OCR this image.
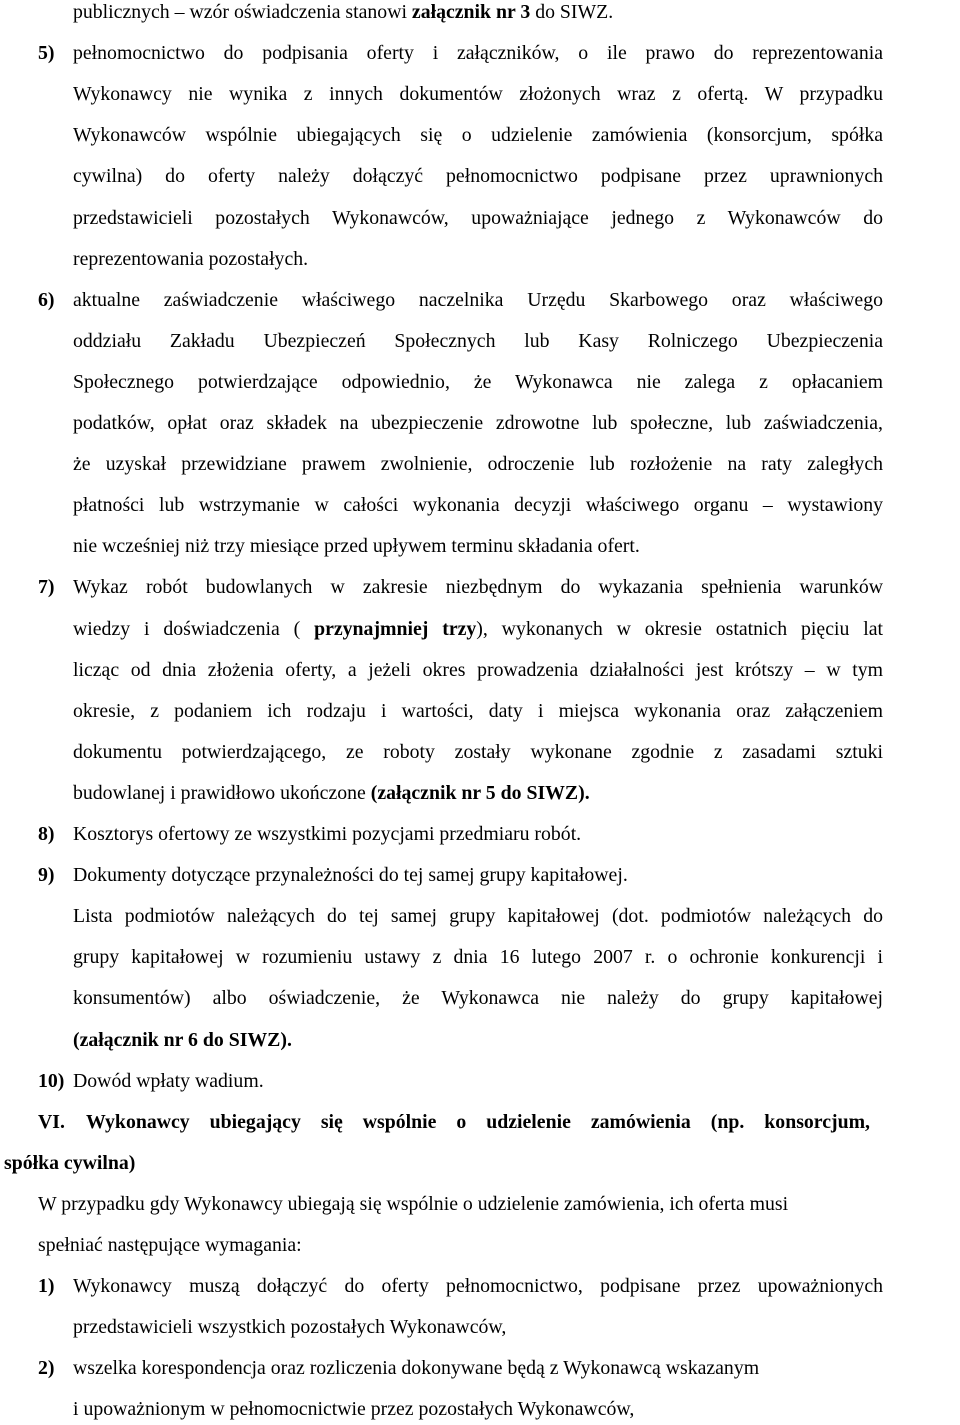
publicznych – wzór oświadczenia stanowi załącznik nr 3 do SIWZ.
5) pełnomocnictwo do podpisania oferty i załączników, o ile prawo do reprezentowania
Wykonawcy nie wynika z innych dokumentów złożonych wraz z ofertą. W przypadku
Wykonawców wspólnie ubiegających się o udzielenie zamówienia (konsorcjum, spółka
cywilna) do oferty należy dołączyć pełnomocnictwo podpisane przez uprawnionych
przedstawicieli pozostałych Wykonawców, upoważniające jednego z Wykonawców do
reprezentowania pozostałych.
6) aktualne zaświadczenie właściwego naczelnika Urzędu Skarbowego oraz właściwego
oddziału Zakładu Ubezpieczeń Społecznych lub Kasy Rolniczego Ubezpieczenia
Społecznego potwierdzające odpowiednio, że Wykonawca nie zalega z opłacaniem
podatków, opłat oraz składek na ubezpieczenie zdrowotne lub społeczne, lub zaświadczenia,
że uzyskał przewidziane prawem zwolnienie, odroczenie lub rozłożenie na raty zaległych
płatności lub wstrzymanie w całości wykonania decyzji właściwego organu – wystawiony
nie wcześniej niż trzy miesiące przed upływem terminu składania ofert.
7) Wykaz robót budowlanych w zakresie niezbędnym do wykazania spełnienia warunków
wiedzy i doświadczenia ( przynajmniej trzy), wykonanych w okresie ostatnich pięciu lat
licząc od dnia złożenia oferty, a jeżeli okres prowadzenia działalności jest krótszy – w tym
okresie, z podaniem ich rodzaju i wartości, daty i miejsca wykonania oraz załączeniem
dokumentu potwierdzającego, ze roboty zostały wykonane zgodnie z zasadami sztuki
budowlanej i prawidłowo ukończone (załącznik nr 5 do SIWZ).
8) Kosztorys ofertowy ze wszystkimi pozycjami przedmiaru robót.
9) Dokumenty dotyczące przynależności do tej samej grupy kapitałowej.
Lista podmiotów należących do tej samej grupy kapitałowej (dot. podmiotów należących do
grupy kapitałowej w rozumieniu ustawy z dnia 16 lutego 2007 r. o ochronie konkurencji i
konsumentów) albo oświadczenie, że Wykonawca nie należy do grupy kapitałowej
(załącznik nr 6 do SIWZ).
10) Dowód wpłaty wadium.
VI. Wykonawcy ubiegający się wspólnie o udzielenie zamówienia (np. konsorcjum,
spółka cywilna)
W przypadku gdy Wykonawcy ubiegają się wspólnie o udzielenie zamówienia, ich oferta musi
spełniać następujące wymagania:
1) Wykonawcy muszą dołączyć do oferty pełnomocnictwo, podpisane przez upoważnionych
przedstawicieli wszystkich pozostałych Wykonawców,
2) wszelka korespondencja oraz rozliczenia dokonywane będą z Wykonawcą wskazanym
i upoważnionym w pełnomocnictwie przez pozostałych Wykonawców,
